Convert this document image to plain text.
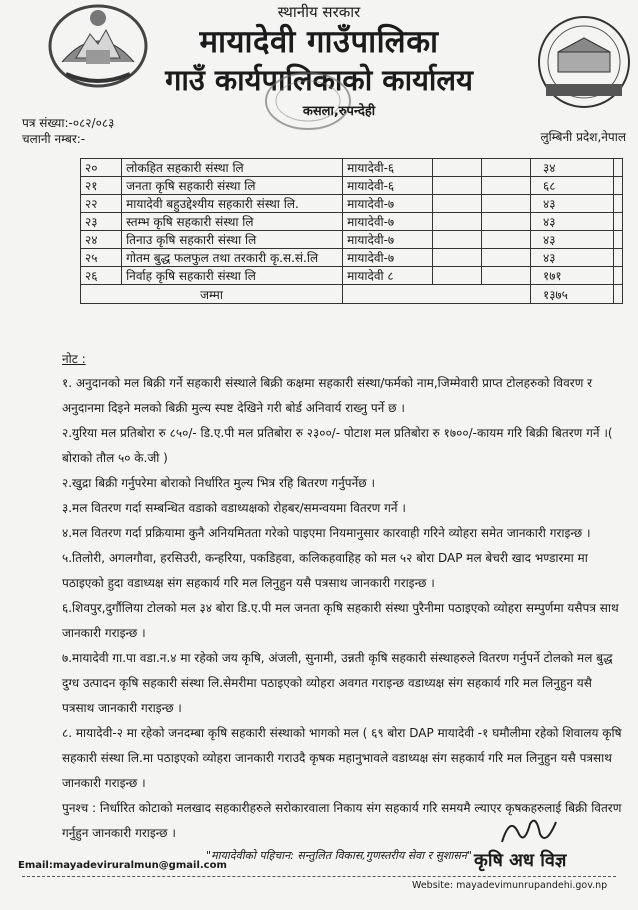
स्थानीय सरकार
मायादेवी गाउँपालिका
गाउँ कार्यपालिकाको कार्यालय
कसला,रुपन्देही
पत्र संख्या:-०८२/०८३
चलानी नम्बर:-	लुम्बिनी प्रदेश,नेपाल
२०	लोकहित सहकारी संस्था लि	मायादेवी-६			३४	
२१	जनता कृषि सहकारी संस्था लि	मायादेवी-६			६८	
२२	मायादेवी बहुउद्देश्यीय सहकारी संस्था लि.	मायादेवी-७			४३	
२३	स्तम्भ कृषि सहकारी संस्था लि	मायादेवी-७			४३	
२४	तिनाउ कृषि सहकारी संस्था लि	मायादेवी-७			४३	
२५	गोतम बुद्ध फलफुल तथा तरकारी कृ.स.सं.लि	मायादेवी-७			४३	
२६	निर्वाह कृषि सहकारी संस्था लि	मायादेवी ८			१७१	
जम्मा					१३७५	
नोट :

१. अनुदानको मल बिक्री गर्ने सहकारी संस्थाले बिक्री कक्षमा सहकारी संस्था/फर्मको नाम,जिम्मेवारी प्राप्त टोलहरुको विवरण र अनुदानमा दिइने मलको बिक्री मुल्य स्पष्ट देखिने गरी बोर्ड अनिवार्य राख्नु पर्ने छ ।

२.युरिया मल प्रतिबोरा रु ८५०/- डि.ए.पी मल प्रतिबोरा रु २३००/- पोटाश मल प्रतिबोरा रु १७००/-कायम गरि बिक्री बितरण गर्ने ।( बोराको तौल ५० के.जी )

२.खुद्रा बिक्री गर्नुपरेमा बोराको निर्धारित मुल्य भित्र रहि बितरण गर्नुपर्नेछ ।

३.मल वितरण गर्दा सम्बन्धित वडाको वडाध्यक्षको रोहबर/समन्वयमा वितरण गर्ने ।

४.मल वितरण गर्दा प्रक्रियामा कुनै अनियमितता गरेको पाइएमा नियमानुसार कारवाही गरिने व्योहरा समेत जानकारी गराइन्छ ।

५.तिलोरी, अगलगौवा, हरसिउरी, कन्हरिया, पकडिहवा, कलिकहवाहिह को मल ५२ बोरा DAP मल बेचरी खाद भण्डारमा मा पठाइएको हुदा वडाध्यक्ष संग सहकार्य गरि मल लिनुहुन यसै पत्रसाथ जानकारी गराइन्छ ।

६.शिवपुर,दुर्गौलिया टोलको मल ३४ बोरा डि.ए.पी मल जनता कृषि सहकारी संस्था पुरैनीमा पठाइएको व्योहरा सम्पुर्णमा यसैपत्र साथ जानकारी गराइन्छ ।

७.मायादेवी गा.पा वडा.न.४ मा रहेको जय कृषि, अंजली, सुनामी, उन्नती कृषि सहकारी संस्थाहरुले वितरण गर्नुपर्ने टोलको मल बुद्ध दुग्ध उत्पादन कृषि सहकारी संस्था लि.सेमरीमा पठाइएको व्योहरा अवगत गराइन्छ वडाध्यक्ष संग सहकार्य गरि मल लिनुहुन यसै पत्रसाथ जानकारी गराइन्छ ।

८. मायादेवी-२ मा रहेको जनदम्बा कृषि सहकारी संस्थाको भागको मल ( ६९ बोरा DAP मायादेवी -१ घमौलीमा रहेको शिवालय कृषि सहकारी संस्था लि.मा पठाइएको व्योहरा जानकारी गराउदै कृषक महानुभावले वडाध्यक्ष संग सहकार्य गरि मल लिनुहुन यसै पत्रसाथ जानकारी गराइन्छ ।

पुनश्च : निर्धारित कोटाको मलखाद सहकारीहरुले सरोकारवाला निकाय संग सहकार्य गरि समयमै ल्याएर कृषकहरुलाई बिक्री वितरण गर्नुहुन जानकारी गराइन्छ ।

कृषि अध विज्ञ
"मायादेवीको पहिचान: सन्तुलित विकास,गुणस्तरीय सेवा र सुशासन"
Email:mayadeviruralmun@gmail.com
Website: mayadevimunrupandehi.gov.np
